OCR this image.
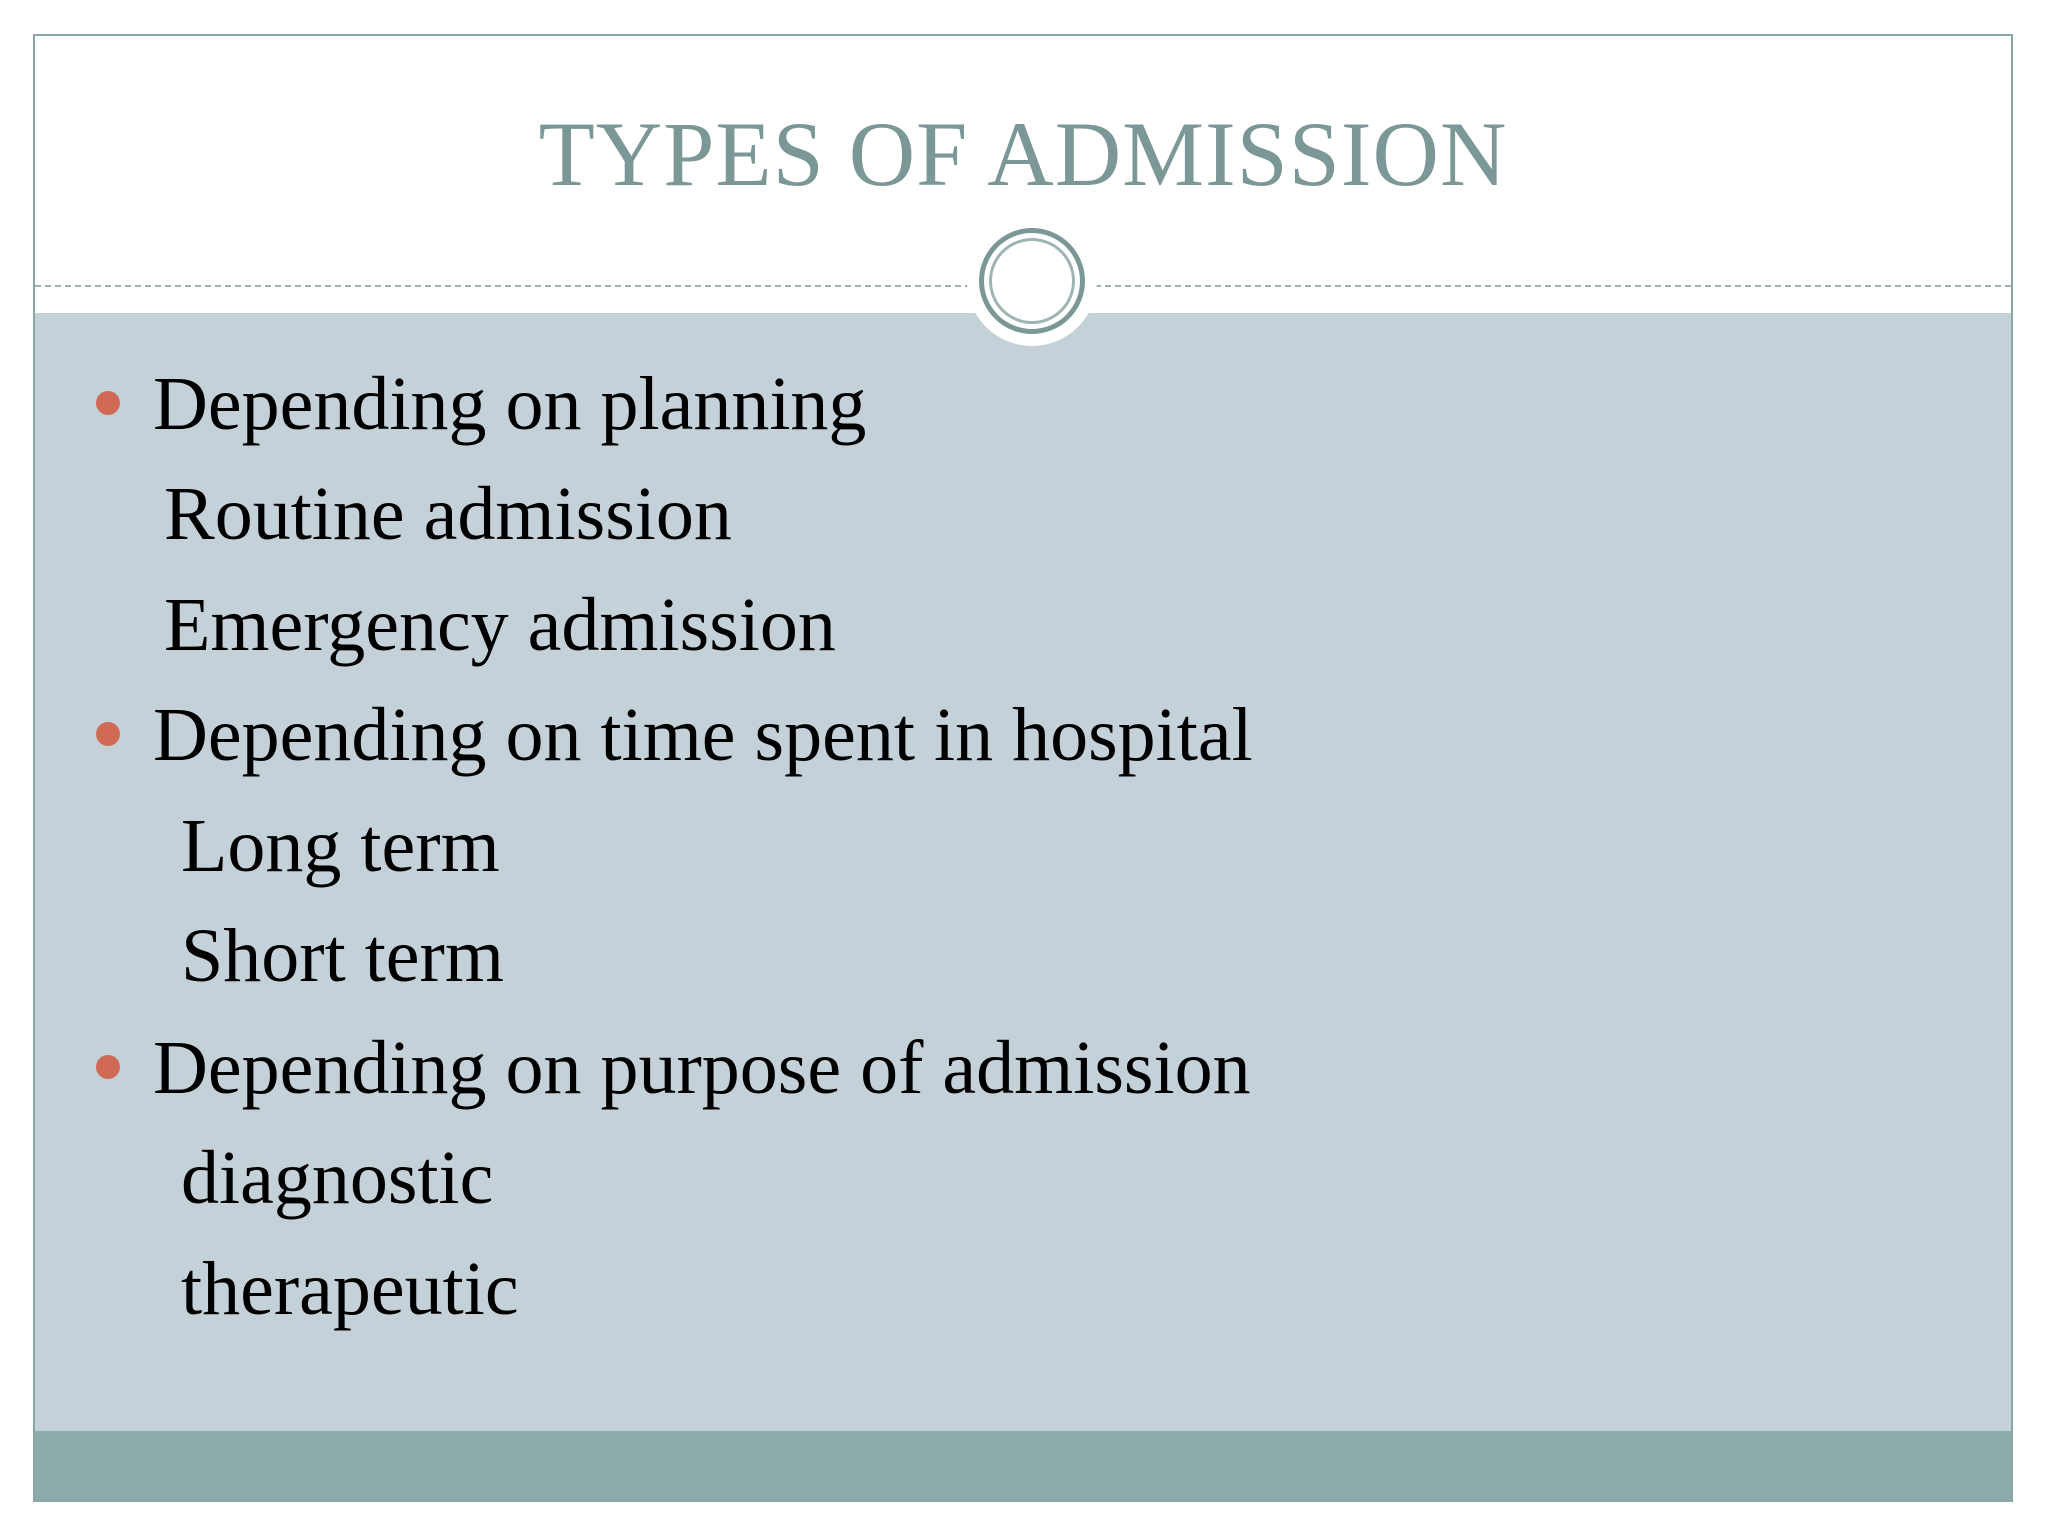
TYPES OF ADMISSION
Depending on planning
Routine admission
Emergency admission
Depending on time spent in hospital
Long term
Short term
Depending on purpose of admission
diagnostic
therapeutic
